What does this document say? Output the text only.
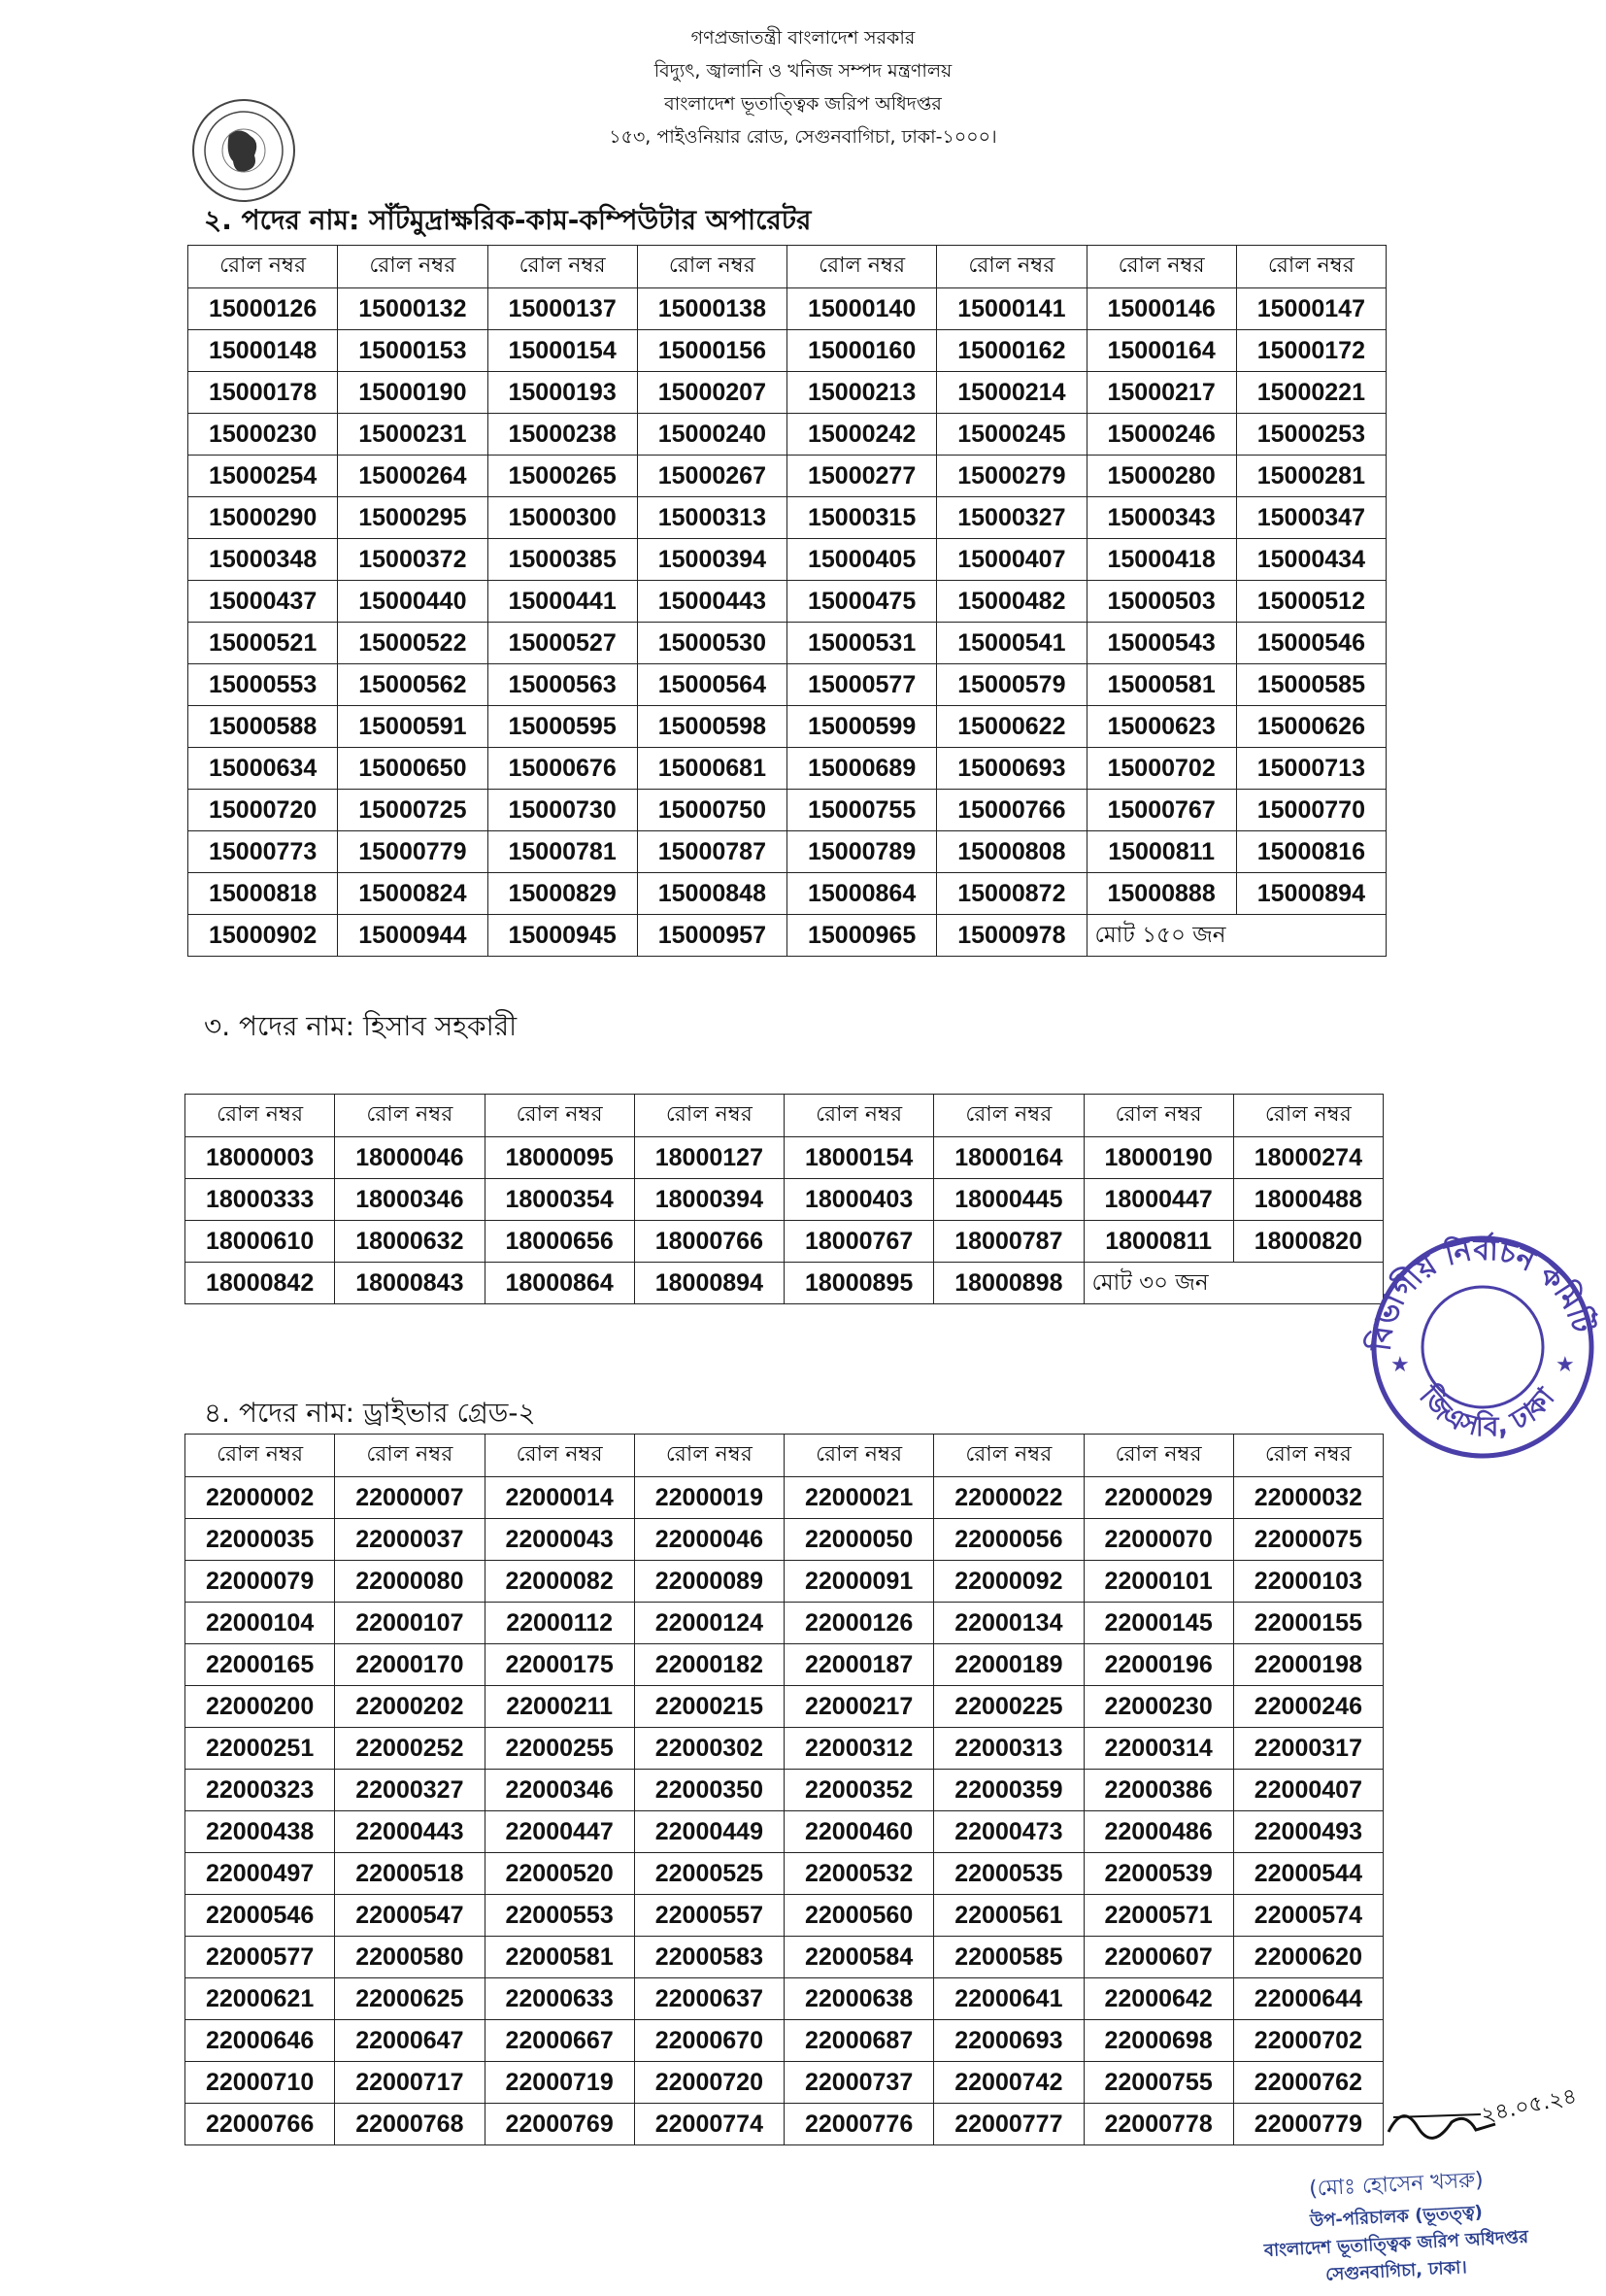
গণপ্রজাতন্ত্রী বাংলাদেশ সরকার
বিদ্যুৎ, জ্বালানি ও খনিজ সম্পদ মন্ত্রণালয়
বাংলাদেশ ভূতাত্ত্বিক জরিপ অধিদপ্তর
১৫৩, পাইওনিয়ার রোড, সেগুনবাগিচা, ঢাকা-১০০০।
২. পদের নাম: সাঁটমুদ্রাক্ষরিক-কাম-কম্পিউটার অপারেটর
রোল নম্বর	রোল নম্বর	রোল নম্বর	রোল নম্বর	রোল নম্বর	রোল নম্বর	রোল নম্বর	রোল নম্বর
15000126	15000132	15000137	15000138	15000140	15000141	15000146	15000147
15000148	15000153	15000154	15000156	15000160	15000162	15000164	15000172
15000178	15000190	15000193	15000207	15000213	15000214	15000217	15000221
15000230	15000231	15000238	15000240	15000242	15000245	15000246	15000253
15000254	15000264	15000265	15000267	15000277	15000279	15000280	15000281
15000290	15000295	15000300	15000313	15000315	15000327	15000343	15000347
15000348	15000372	15000385	15000394	15000405	15000407	15000418	15000434
15000437	15000440	15000441	15000443	15000475	15000482	15000503	15000512
15000521	15000522	15000527	15000530	15000531	15000541	15000543	15000546
15000553	15000562	15000563	15000564	15000577	15000579	15000581	15000585
15000588	15000591	15000595	15000598	15000599	15000622	15000623	15000626
15000634	15000650	15000676	15000681	15000689	15000693	15000702	15000713
15000720	15000725	15000730	15000750	15000755	15000766	15000767	15000770
15000773	15000779	15000781	15000787	15000789	15000808	15000811	15000816
15000818	15000824	15000829	15000848	15000864	15000872	15000888	15000894
15000902	15000944	15000945	15000957	15000965	15000978	মোট ১৫০ জন	
৩. পদের নাম: হিসাব সহকারী
রোল নম্বর	রোল নম্বর	রোল নম্বর	রোল নম্বর	রোল নম্বর	রোল নম্বর	রোল নম্বর	রোল নম্বর
18000003	18000046	18000095	18000127	18000154	18000164	18000190	18000274
18000333	18000346	18000354	18000394	18000403	18000445	18000447	18000488
18000610	18000632	18000656	18000766	18000767	18000787	18000811	18000820
18000842	18000843	18000864	18000894	18000895	18000898	মোট ৩০ জন	
৪. পদের নাম: ড্রাইভার গ্রেড-২
রোল নম্বর	রোল নম্বর	রোল নম্বর	রোল নম্বর	রোল নম্বর	রোল নম্বর	রোল নম্বর	রোল নম্বর
22000002	22000007	22000014	22000019	22000021	22000022	22000029	22000032
22000035	22000037	22000043	22000046	22000050	22000056	22000070	22000075
22000079	22000080	22000082	22000089	22000091	22000092	22000101	22000103
22000104	22000107	22000112	22000124	22000126	22000134	22000145	22000155
22000165	22000170	22000175	22000182	22000187	22000189	22000196	22000198
22000200	22000202	22000211	22000215	22000217	22000225	22000230	22000246
22000251	22000252	22000255	22000302	22000312	22000313	22000314	22000317
22000323	22000327	22000346	22000350	22000352	22000359	22000386	22000407
22000438	22000443	22000447	22000449	22000460	22000473	22000486	22000493
22000497	22000518	22000520	22000525	22000532	22000535	22000539	22000544
22000546	22000547	22000553	22000557	22000560	22000561	22000571	22000574
22000577	22000580	22000581	22000583	22000584	22000585	22000607	22000620
22000621	22000625	22000633	22000637	22000638	22000641	22000642	22000644
22000646	22000647	22000667	22000670	22000687	22000693	22000698	22000702
22000710	22000717	22000719	22000720	22000737	22000742	22000755	22000762
22000766	22000768	22000769	22000774	22000776	22000777	22000778	22000779
বিভাগীয় নির্বাচন কমিটি
জিএসবি, ঢাকা
★	★
২৪.০৫.২৪
(মোঃ হোসেন খসরু)
উপ-পরিচালক (ভূতত্ত্ব)
বাংলাদেশ ভূতাত্ত্বিক জরিপ অধিদপ্তর
সেগুনবাগিচা, ঢাকা।
